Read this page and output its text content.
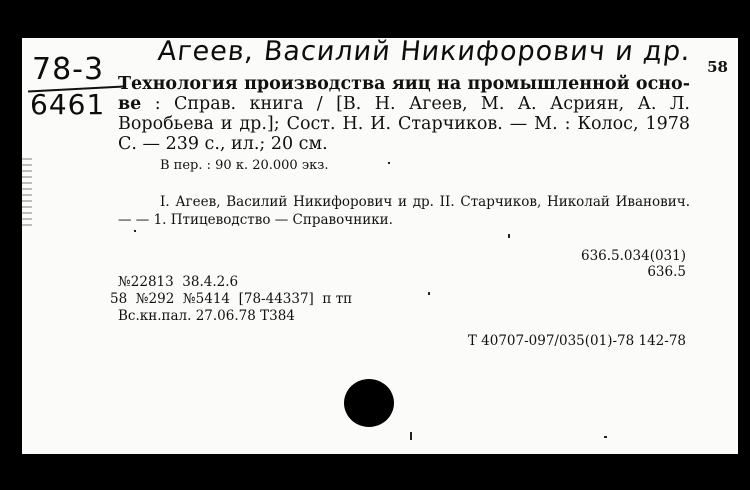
Агеев, Василий Никифорович и др.
78-3
6461
58
Технология производства яиц на промышленной осно-ве : Справ. книга / [В. Н. Агеев, М. А. Асриян, А. Л. Воробьева и др.]; Сост. Н. И. Старчиков. — М. : Колос, 1978 С. — 239 с., ил.; 20 см.
В пер. : 90 к. 20.000 экз.
I. Агеев, Василий Никифорович и др. II. Старчиков, Николай Иванович. — — 1. Птицеводство — Справочники.
636.5.034(031)
636.5
№22813  38.4.2.6
58  №292  №5414  [78-44337]  п тп
Вс.кн.пал. 27.06.78 Т384
Т 40707-097/035(01)-78 142-78
